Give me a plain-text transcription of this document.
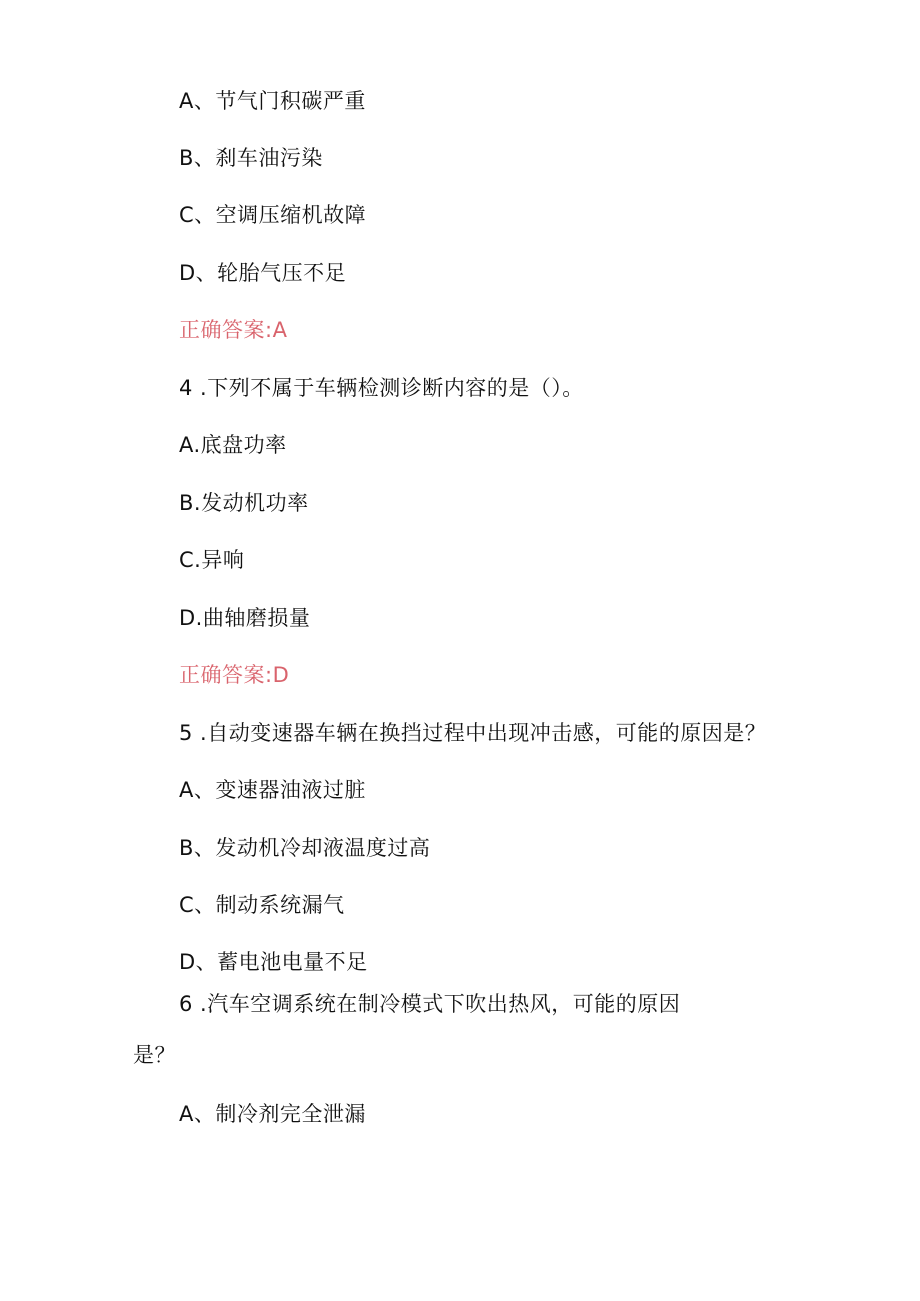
A、节气门积碳严重
B、刹车油污染
C、空调压缩机故障
D、轮胎气压不足
正确答案:A
4 .下列不属于车辆检测诊断内容的是（）。
A.底盘功率
B.发动机功率
C.异响
D.曲轴磨损量
正确答案:D
5 .自动变速器车辆在换挡过程中出现冲击感，可能的原因是？
A、变速器油液过脏
B、发动机冷却液温度过高
C、制动系统漏气
D、蓄电池电量不足
6 .汽车空调系统在制冷模式下吹出热风，可能的原因
是？
A、制冷剂完全泄漏
